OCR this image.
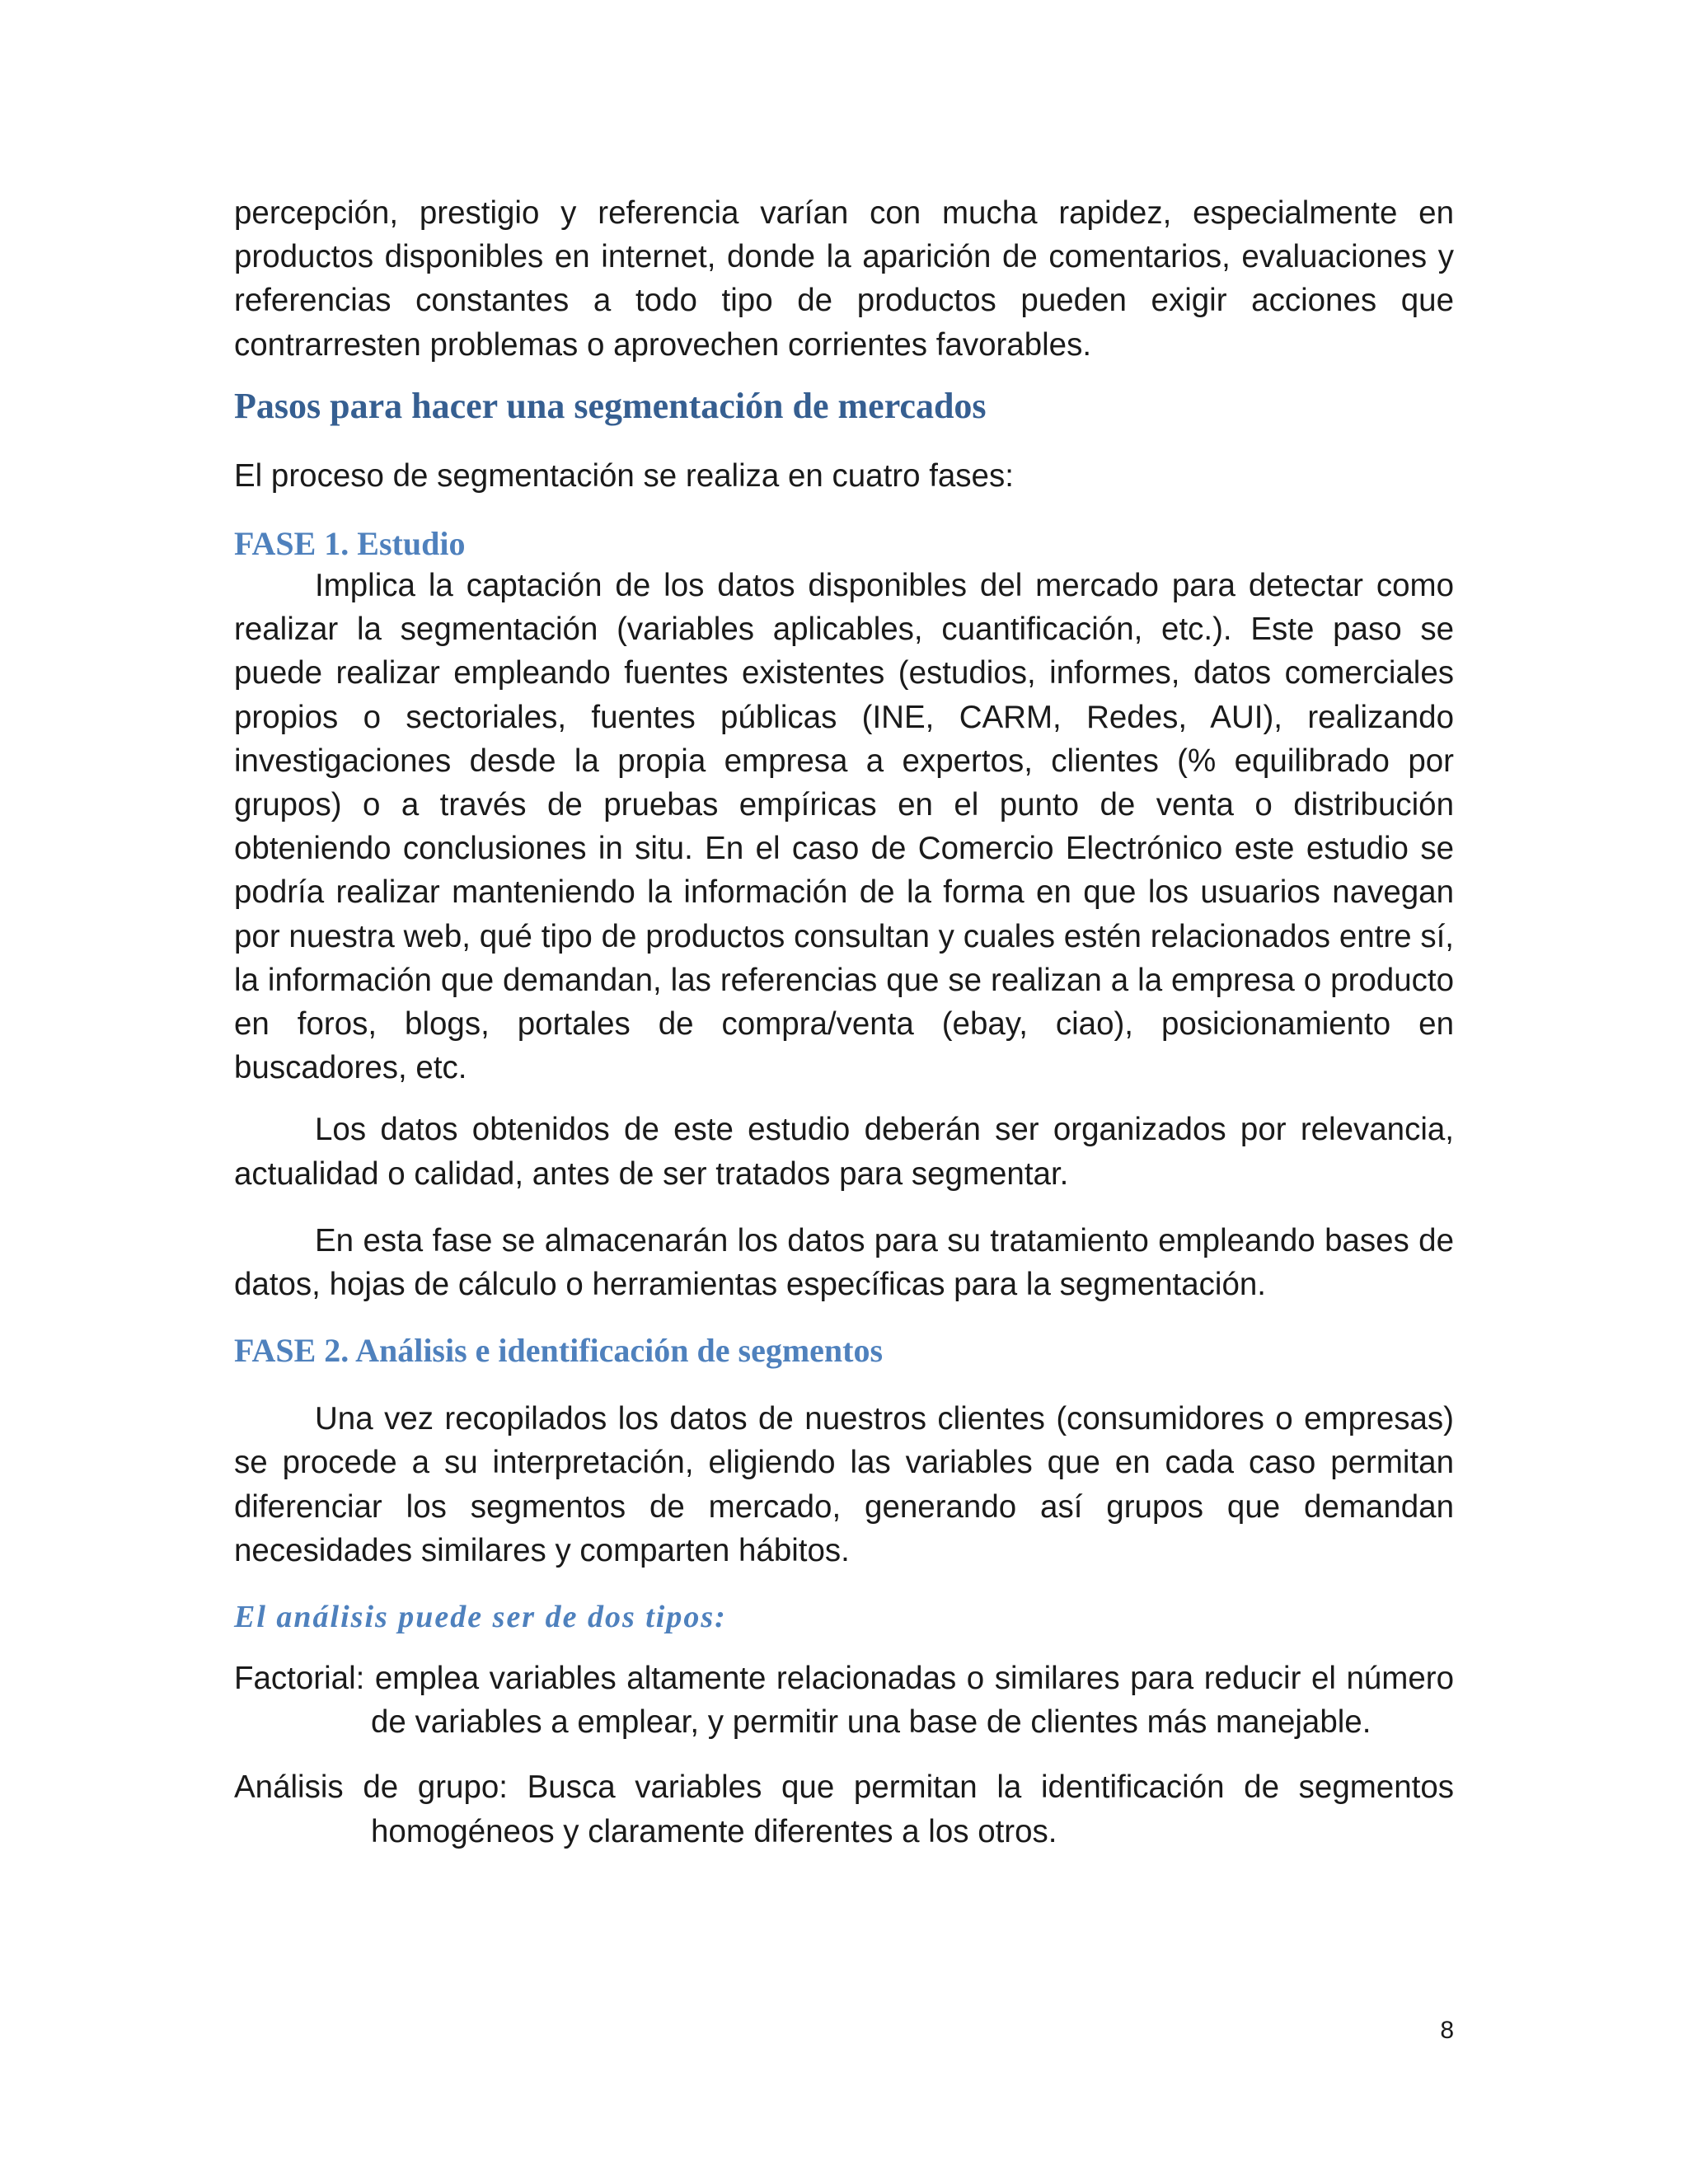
percepción, prestigio y referencia varían con mucha rapidez, especialmente en productos disponibles en internet, donde la aparición de comentarios, evaluaciones y referencias constantes a todo tipo de productos pueden exigir acciones que contrarresten problemas o aprovechen corrientes favorables.

Pasos para hacer una segmentación de mercados

El proceso de segmentación se realiza en cuatro fases:

FASE 1. Estudio

Implica la captación de los datos disponibles del mercado para detectar como realizar la segmentación (variables aplicables, cuantificación, etc.). Este paso se puede realizar empleando fuentes existentes (estudios, informes, datos comerciales propios o sectoriales, fuentes públicas (INE, CARM, Redes, AUI), realizando investigaciones desde la propia empresa a expertos, clientes (% equilibrado por grupos) o a través de pruebas empíricas en el punto de venta o distribución obteniendo conclusiones in situ. En el caso de Comercio Electrónico este estudio se podría realizar manteniendo la información de la forma en que los usuarios navegan por nuestra web, qué tipo de productos consultan y cuales estén relacionados entre sí, la información que demandan, las referencias que se realizan a la empresa o producto en foros, blogs, portales de compra/venta (ebay, ciao), posicionamiento en buscadores, etc.

Los datos obtenidos de este estudio deberán ser organizados por relevancia, actualidad o calidad, antes de ser tratados para segmentar.

En esta fase se almacenarán los datos para su tratamiento empleando bases de datos, hojas de cálculo o herramientas específicas para la segmentación.

FASE 2. Análisis e identificación de segmentos

Una vez recopilados los datos de nuestros clientes (consumidores o empresas) se procede a su interpretación, eligiendo las variables que en cada caso permitan diferenciar los segmentos de mercado, generando así grupos que demandan necesidades similares y comparten hábitos.

El análisis puede ser de dos tipos:

Factorial: emplea variables altamente relacionadas o similares para reducir el número de variables a emplear, y permitir una base de clientes más manejable.

Análisis de grupo: Busca variables que permitan la identificación de segmentos homogéneos y claramente diferentes a los otros.

8
